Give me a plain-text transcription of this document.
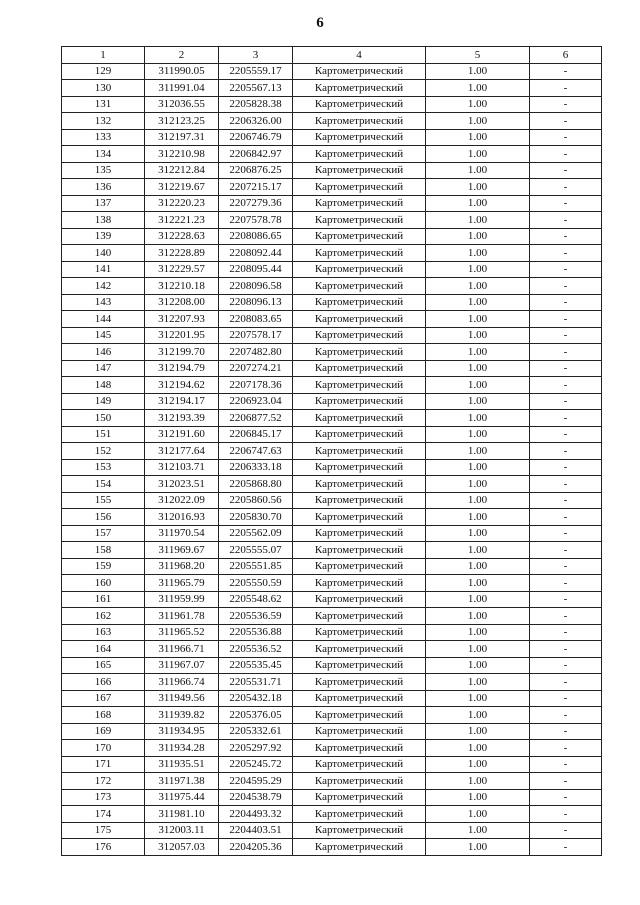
6
1	2	3	4	5	6
129	311990.05	2205559.17	Картометрический	1.00	-
130	311991.04	2205567.13	Картометрический	1.00	-
131	312036.55	2205828.38	Картометрический	1.00	-
132	312123.25	2206326.00	Картометрический	1.00	-
133	312197.31	2206746.79	Картометрический	1.00	-
134	312210.98	2206842.97	Картометрический	1.00	-
135	312212.84	2206876.25	Картометрический	1.00	-
136	312219.67	2207215.17	Картометрический	1.00	-
137	312220.23	2207279.36	Картометрический	1.00	-
138	312221.23	2207578.78	Картометрический	1.00	-
139	312228.63	2208086.65	Картометрический	1.00	-
140	312228.89	2208092.44	Картометрический	1.00	-
141	312229.57	2208095.44	Картометрический	1.00	-
142	312210.18	2208096.58	Картометрический	1.00	-
143	312208.00	2208096.13	Картометрический	1.00	-
144	312207.93	2208083.65	Картометрический	1.00	-
145	312201.95	2207578.17	Картометрический	1.00	-
146	312199.70	2207482.80	Картометрический	1.00	-
147	312194.79	2207274.21	Картометрический	1.00	-
148	312194.62	2207178.36	Картометрический	1.00	-
149	312194.17	2206923.04	Картометрический	1.00	-
150	312193.39	2206877.52	Картометрический	1.00	-
151	312191.60	2206845.17	Картометрический	1.00	-
152	312177.64	2206747.63	Картометрический	1.00	-
153	312103.71	2206333.18	Картометрический	1.00	-
154	312023.51	2205868.80	Картометрический	1.00	-
155	312022.09	2205860.56	Картометрический	1.00	-
156	312016.93	2205830.70	Картометрический	1.00	-
157	311970.54	2205562.09	Картометрический	1.00	-
158	311969.67	2205555.07	Картометрический	1.00	-
159	311968.20	2205551.85	Картометрический	1.00	-
160	311965.79	2205550.59	Картометрический	1.00	-
161	311959.99	2205548.62	Картометрический	1.00	-
162	311961.78	2205536.59	Картометрический	1.00	-
163	311965.52	2205536.88	Картометрический	1.00	-
164	311966.71	2205536.52	Картометрический	1.00	-
165	311967.07	2205535.45	Картометрический	1.00	-
166	311966.74	2205531.71	Картометрический	1.00	-
167	311949.56	2205432.18	Картометрический	1.00	-
168	311939.82	2205376.05	Картометрический	1.00	-
169	311934.95	2205332.61	Картометрический	1.00	-
170	311934.28	2205297.92	Картометрический	1.00	-
171	311935.51	2205245.72	Картометрический	1.00	-
172	311971.38	2204595.29	Картометрический	1.00	-
173	311975.44	2204538.79	Картометрический	1.00	-
174	311981.10	2204493.32	Картометрический	1.00	-
175	312003.11	2204403.51	Картометрический	1.00	-
176	312057.03	2204205.36	Картометрический	1.00	-
